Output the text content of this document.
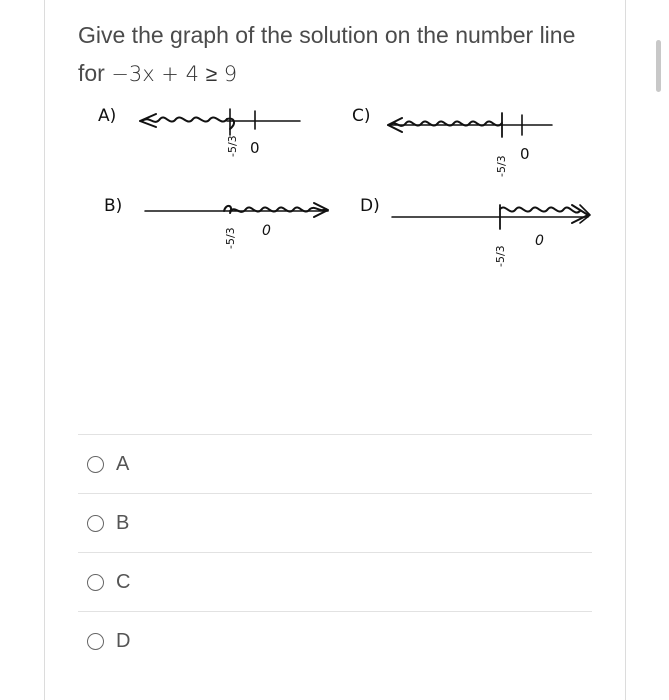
Give the graph of the solution on the number line for −3x + 4 ≥ 9
A)
-5/3 0
C)
-5/3
0
B)
-5/3 0
D)
-5/3
0
A
B
C
D
